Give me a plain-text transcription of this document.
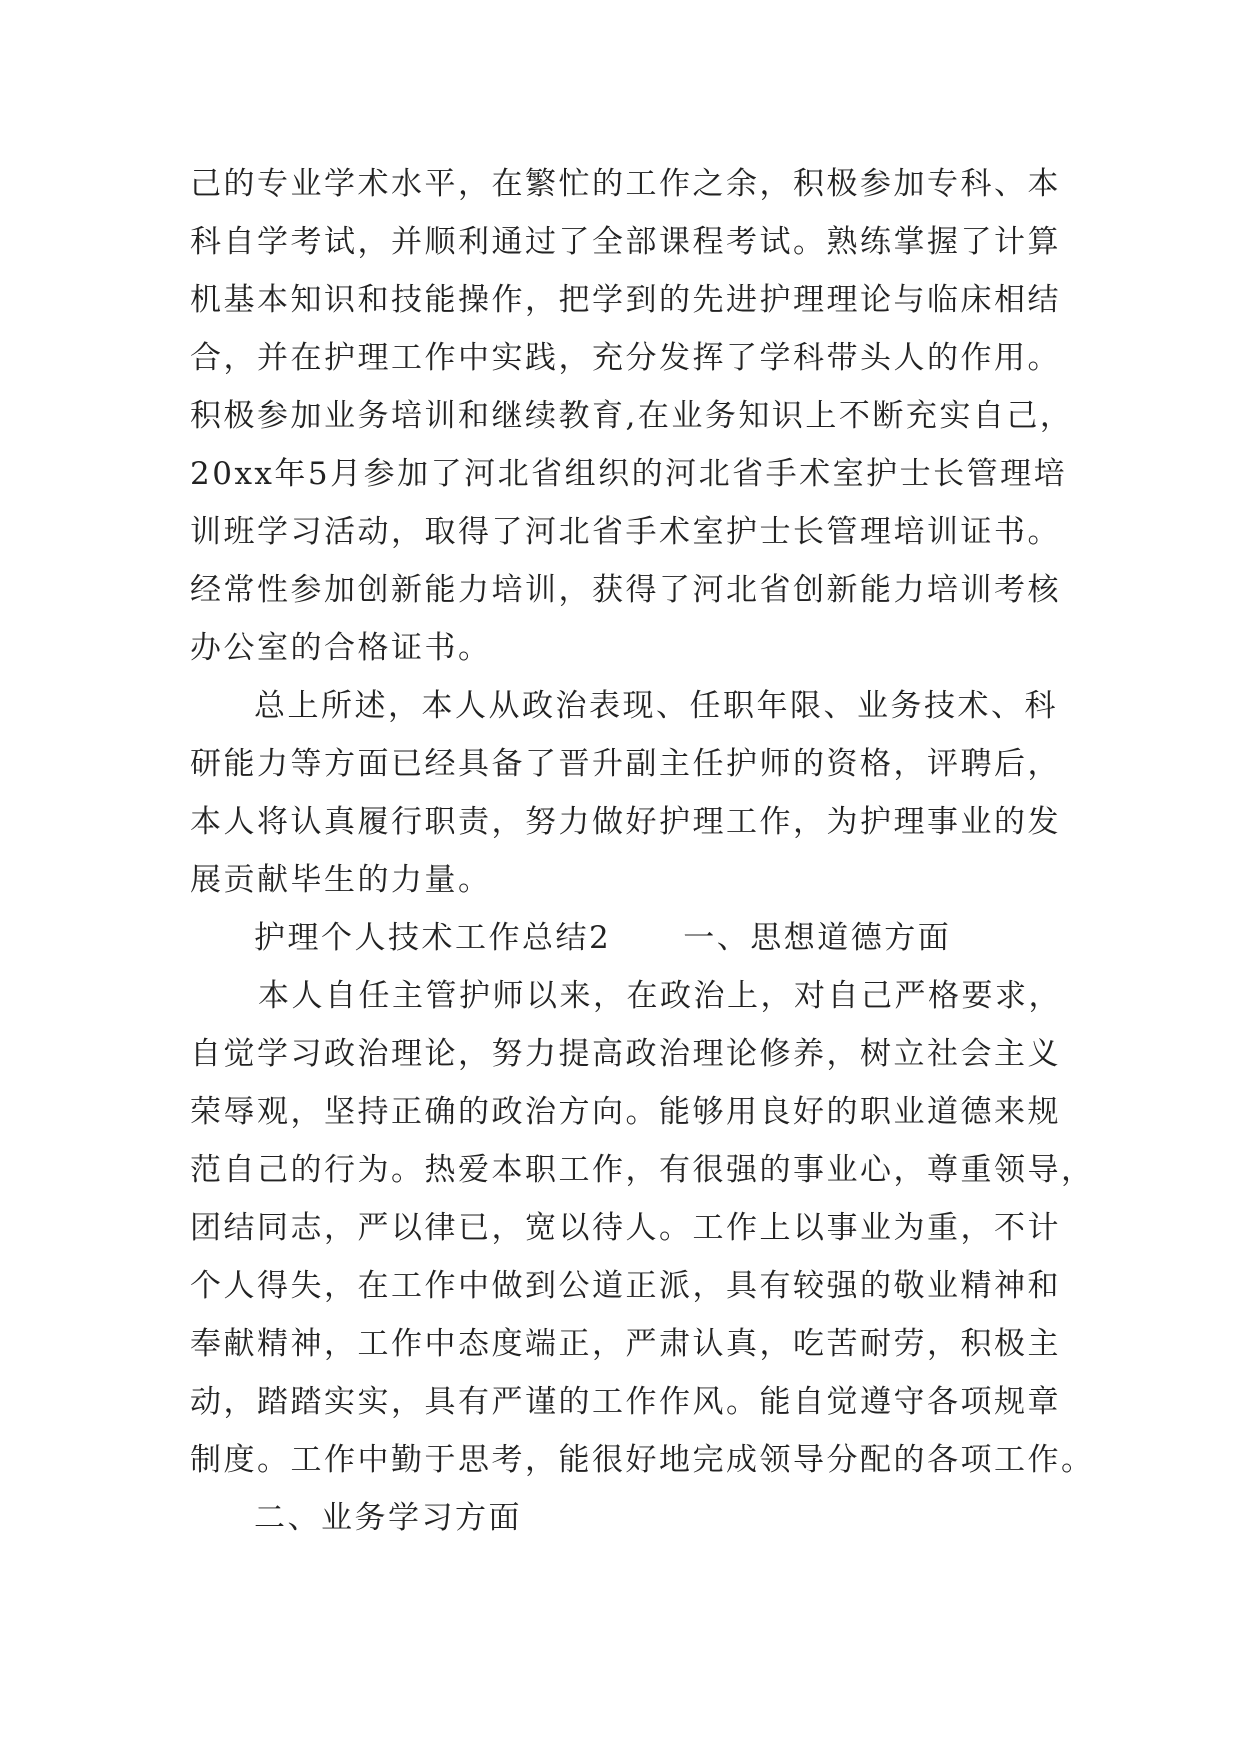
己的专业学术水平，在繁忙的工作之余，积极参加专科、本
科自学考试，并顺利通过了全部课程考试。熟练掌握了计算
机基本知识和技能操作，把学到的先进护理理论与临床相结
合，并在护理工作中实践，充分发挥了学科带头人的作用。
积极参加业务培训和继续教育,在业务知识上不断充实自己，
20xx年5月参加了河北省组织的河北省手术室护士长管理培
训班学习活动，取得了河北省手术室护士长管理培训证书。
经常性参加创新能力培训，获得了河北省创新能力培训考核
办公室的合格证书。
总上所述，本人从政治表现、任职年限、业务技术、科
研能力等方面已经具备了晋升副主任护师的资格，评聘后，
本人将认真履行职责，努力做好护理工作，为护理事业的发
展贡献毕生的力量。
护理个人技术工作总结2 一、思想道德方面
本人自任主管护师以来，在政治上，对自己严格要求，
自觉学习政治理论，努力提高政治理论修养，树立社会主义
荣辱观，坚持正确的政治方向。能够用良好的职业道德来规
范自己的行为。热爱本职工作，有很强的事业心，尊重领导，
团结同志，严以律已，宽以待人。工作上以事业为重，不计
个人得失，在工作中做到公道正派，具有较强的敬业精神和
奉献精神，工作中态度端正，严肃认真，吃苦耐劳，积极主
动，踏踏实实，具有严谨的工作作风。能自觉遵守各项规章
制度。工作中勤于思考，能很好地完成领导分配的各项工作。
二、业务学习方面
